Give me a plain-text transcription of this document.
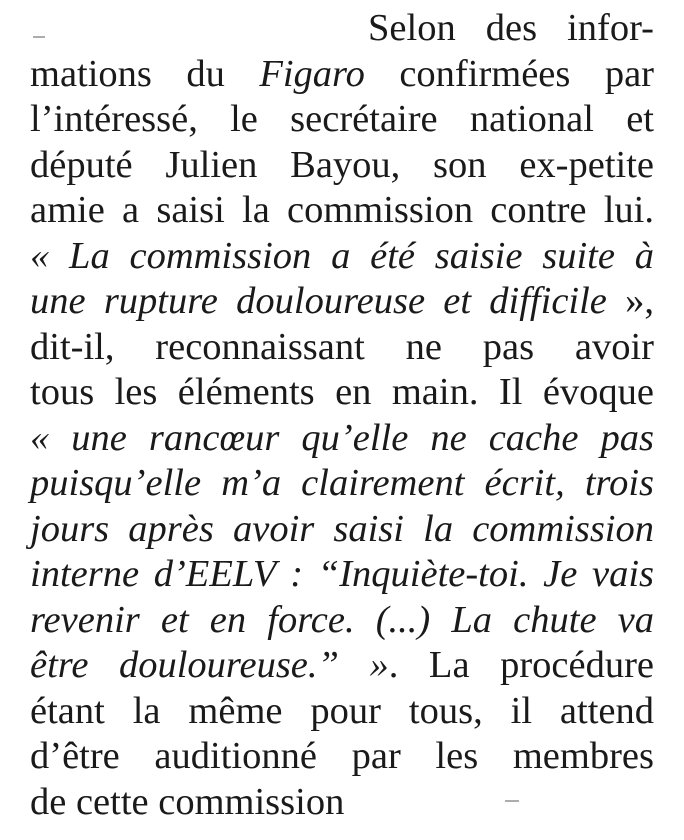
Selon des infor-
mations du Figaro confirmées par
l’intéressé, le secrétaire national et
député Julien Bayou, son ex-petite
amie a saisi la commission contre lui.
« La commission a été saisie suite à
une rupture douloureuse et difficile »,
dit-il, reconnaissant ne pas avoir
tous les éléments en main. Il évoque
« une rancœur qu’elle ne cache pas
puisqu’elle m’a clairement écrit, trois
jours après avoir saisi la commission
interne d’EELV : “Inquiète-toi. Je vais
revenir et en force. (...) La chute va
être douloureuse.” ». La procédure
étant la même pour tous, il attend
d’être auditionné par les membres
de cette commission
